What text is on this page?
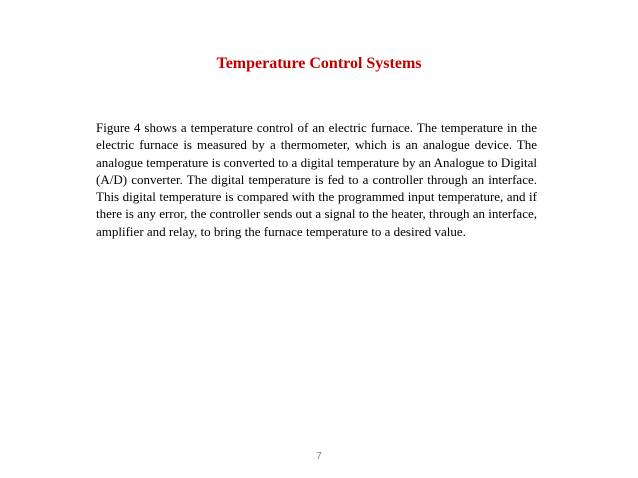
Temperature Control Systems

Figure 4 shows a temperature control of an electric furnace. The temperature in the electric furnace is measured by a thermometer, which is an analogue device. The analogue temperature is converted to a digital temperature by an Analogue to Digital (A/D) converter. The digital temperature is fed to a controller through an interface. This digital temperature is compared with the programmed input temperature, and if there is any error, the controller sends out a signal to the heater, through an interface, amplifier and relay, to bring the furnace temperature to a desired value.

7
